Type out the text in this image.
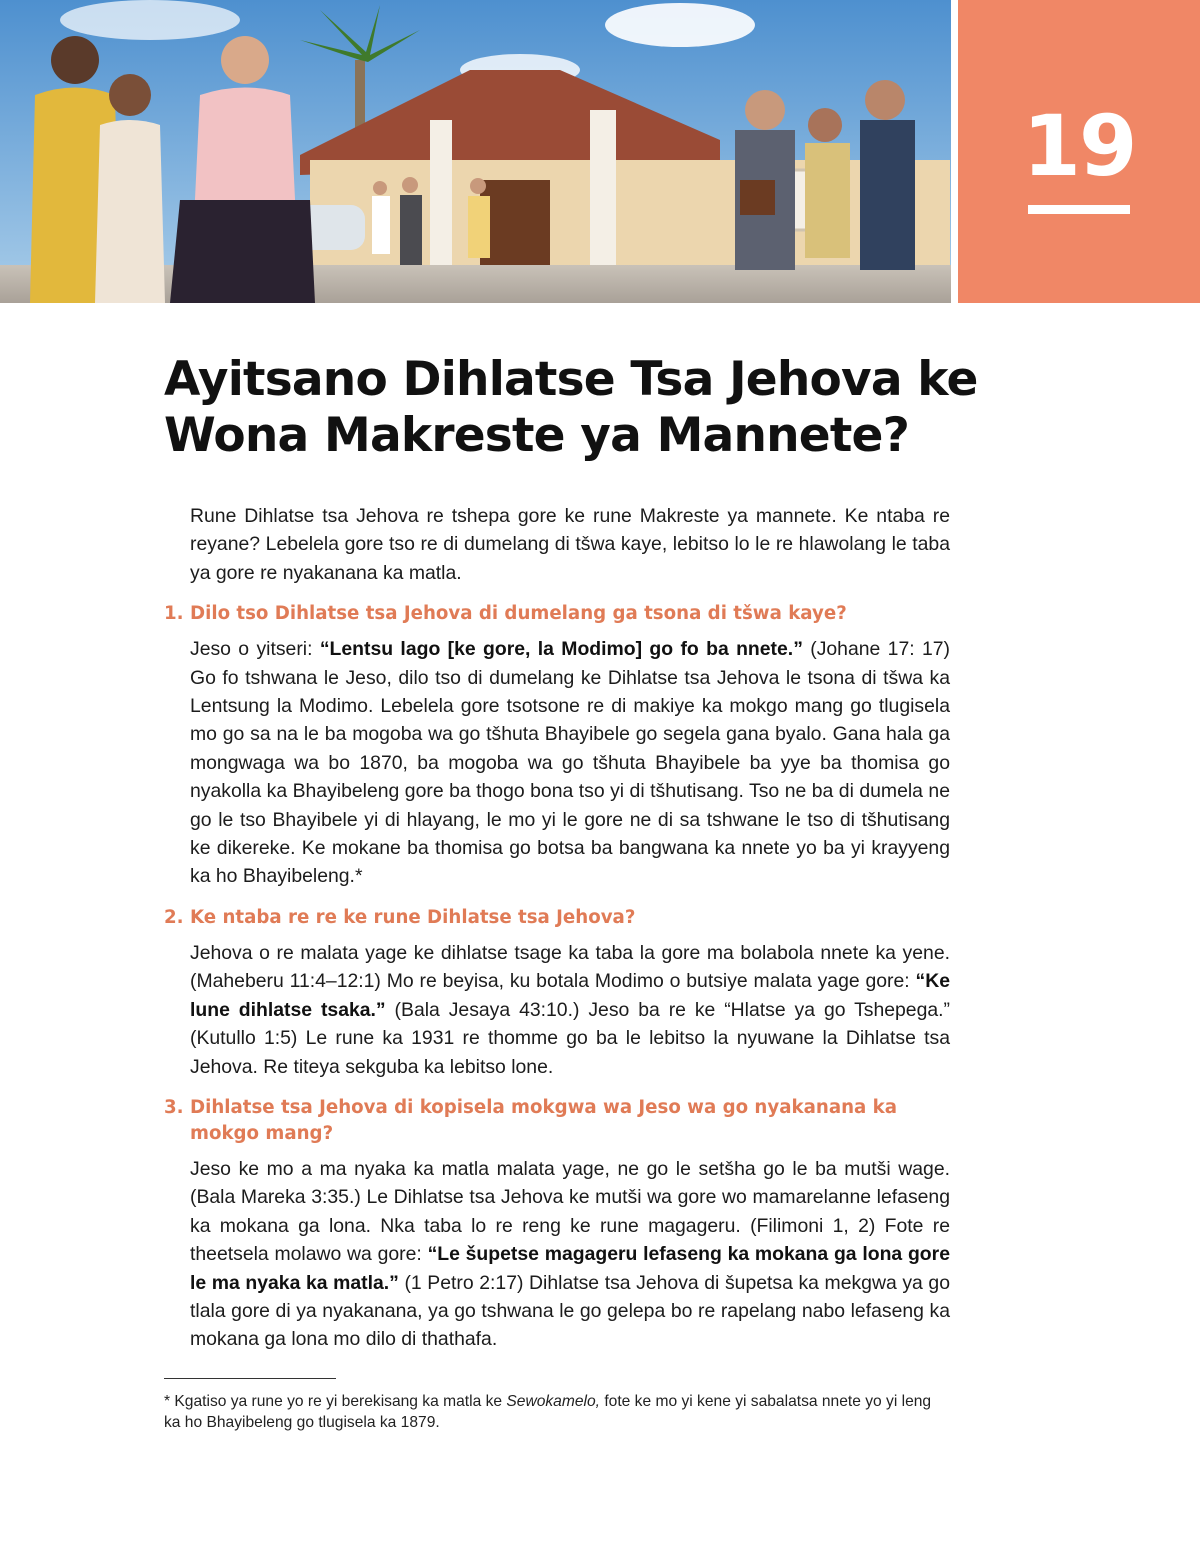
19
Ayitsano Dihlatse Tsa Jehova ke
Wona Makreste ya Mannete?

Rune Dihlatse tsa Jehova re tshepa gore ke rune Makreste ya mannete. Ke ntaba re reyane? Lebelela gore tso re di dumelang di tšwa kaye, lebitso lo le re hlawolang le taba ya gore re nyakanana ka matla.

1. Dilo tso Dihlatse tsa Jehova di dumelang ga tsona di tšwa kaye?

Jeso o yitseri: “Lentsu lago [ke gore, la Modimo] go fo ba nnete.” (Johane 17: 17) Go fo tshwana le Jeso, dilo tso di dumelang ke Dihlatse tsa Jehova le tsona di tšwa ka Lentsung la Modimo. Lebelela gore tsotsone re di makiye ka mokgo mang go tlugisela mo go sa na le ba mogoba wa go tšhuta Bhayibele go segela gana byalo. Gana hala ga mongwaga wa bo 1870, ba mogoba wa go tšhuta Bhayibele ba yye ba thomisa go nyakolla ka Bhayibeleng gore ba thogo bona tso yi di tšhutisang. Tso ne ba di dumela ne go le tso Bhayibele yi di hlayang, le mo yi le gore ne di sa tshwane le tso di tšhutisang ke dikereke. Ke mokane ba thomisa go botsa ba bangwana ka nnete yo ba yi krayyeng ka ho Bhayibeleng.*

2. Ke ntaba re re ke rune Dihlatse tsa Jehova?

Jehova o re malata yage ke dihlatse tsage ka taba la gore ma bolabola nnete ka yene. (Maheberu 11:4–12:1) Mo re beyisa, ku botala Modimo o butsiye malata yage gore: “Ke lune dihlatse tsaka.” (Bala Jesaya 43:10.) Jeso ba re ke “Hlatse ya go Tshepega.” (Kutullo 1:5) Le rune ka 1931 re thomme go ba le lebitso la nyuwane la Dihlatse tsa Jehova. Re titeya sekguba ka lebitso lone.

3. Dihlatse tsa Jehova di kopisela mokgwa wa Jeso wa go nyakanana ka mokgo mang?

Jeso ke mo a ma nyaka ka matla malata yage, ne go le setšha go le ba mutši wage. (Bala Mareka 3:35.) Le Dihlatse tsa Jehova ke mutši wa gore wo mamarelanne lefaseng ka mokana ga lona. Nka taba lo re reng ke rune magageru. (Filimoni 1, 2) Fote re theetsela molawo wa gore: “Le šupetse magageru lefaseng ka mokana ga lona gore le ma nyaka ka matla.” (1 Petro 2:17) Dihlatse tsa Jehova di šupetsa ka mekgwa ya go tlala gore di ya nyakanana, ya go tshwana le go gelepa bo re rapelang nabo lefaseng ka mokana ga lona mo dilo di thathafa.

* Kgatiso ya rune yo re yi berekisang ka matla ke Sewokamelo, fote ke mo yi kene yi sabalatsa nnete yo yi leng ka ho Bhayibeleng go tlugisela ka 1879.
